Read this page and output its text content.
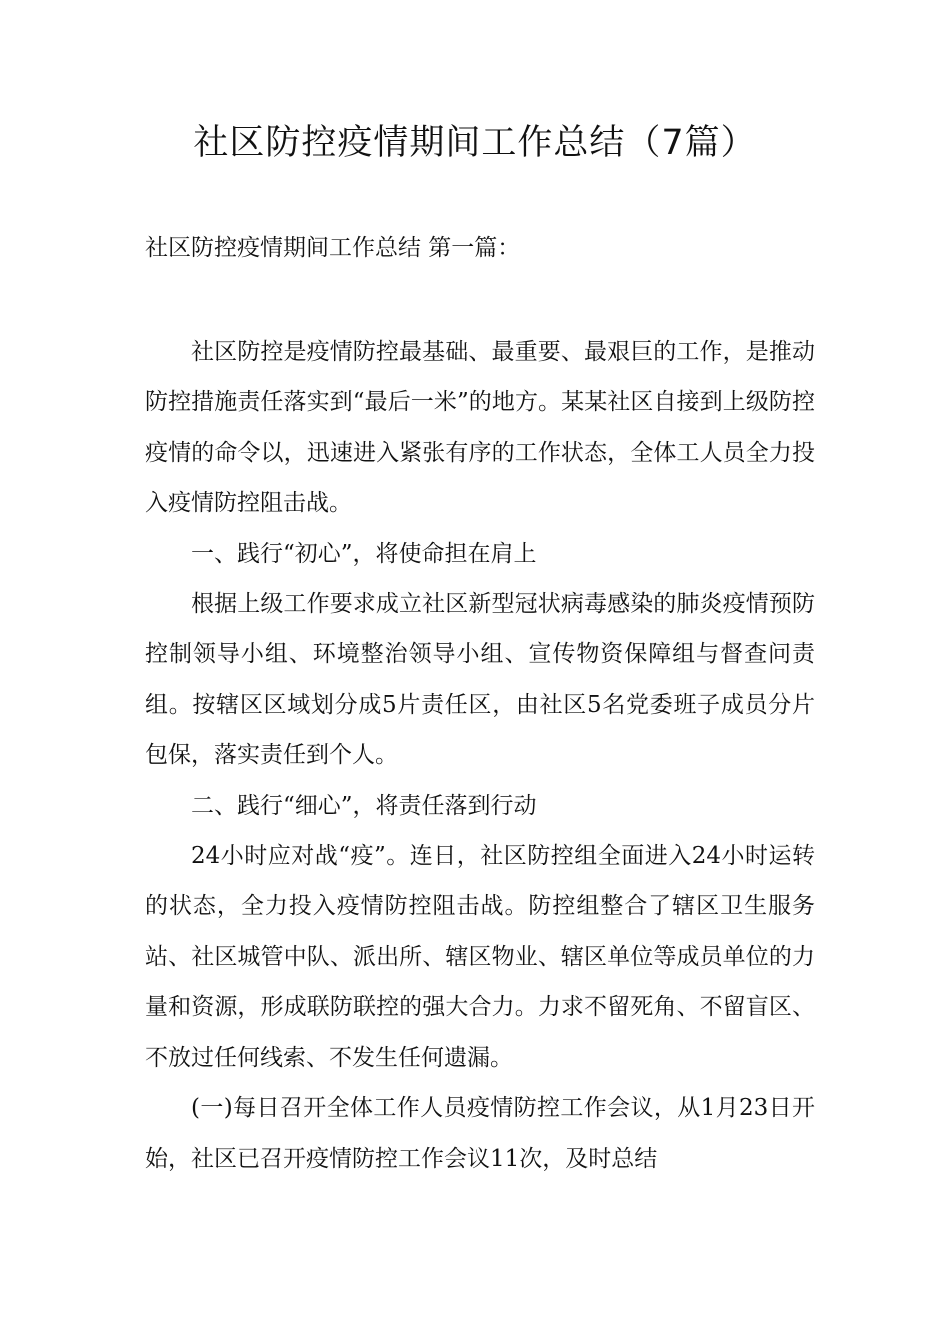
社区防控疫情期间工作总结（7篇）
社区防控疫情期间工作总结 第一篇：

社区防控是疫情防控最基础、最重要、最艰巨的工作，是推动防控措施责任落实到“最后一米”的地方。某某社区自接到上级防控疫情的命令以，迅速进入紧张有序的工作状态，全体工人员全力投入疫情防控阻击战。

一、践行“初心”，将使命担在肩上

根据上级工作要求成立社区新型冠状病毒感染的肺炎疫情预防控制领导小组、环境整治领导小组、宣传物资保障组与督查问责组。按辖区区域划分成5片责任区，由社区5名党委班子成员分片包保，落实责任到个人。

二、践行“细心”，将责任落到行动

24小时应对战“疫”。连日，社区防控组全面进入24小时运转的状态，全力投入疫情防控阻击战。防控组整合了辖区卫生服务站、社区城管中队、派出所、辖区物业、辖区单位等成员单位的力量和资源，形成联防联控的强大合力。力求不留死角、不留盲区、不放过任何线索、不发生任何遗漏。

(一)每日召开全体工作人员疫情防控工作会议，从1月23日开始，社区已召开疫情防控工作会议11次，及时总结
